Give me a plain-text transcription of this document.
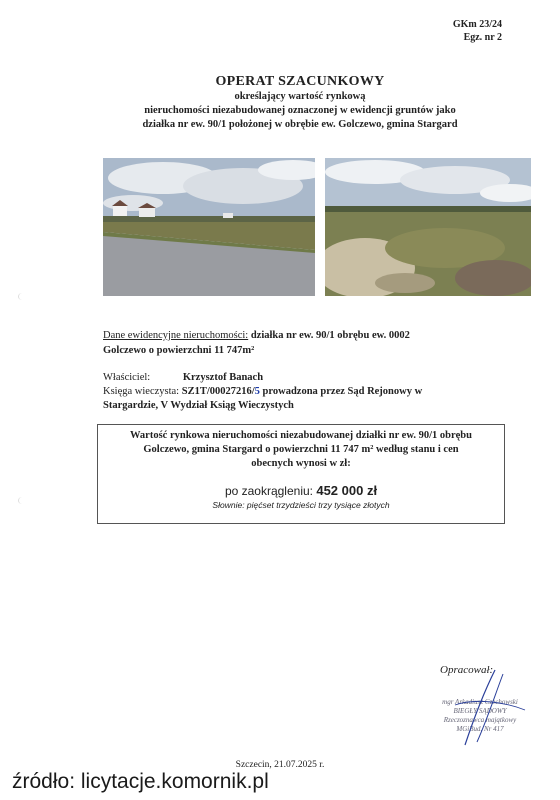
GKm 23/24
Egz. nr 2
OPERAT SZACUNKOWY
określający wartość rynkową
nieruchomości niezabudowanej oznaczonej w ewidencji gruntów jako
działka nr ew. 90/1 położonej w obrębie ew. Golczewo, gmina Stargard
Dane ewidencyjne nieruchomości: działka nr ew. 90/1 obrębu ew. 0002
Golczewo o powierzchni 11 747m²
Właściciel:	Krzysztof Banach
Księga wieczysta: SZ1T/00027216/5 prowadzona przez Sąd Rejonowy w
Stargardzie, V Wydział Ksiąg Wieczystych
Wartość rynkowa nieruchomości niezabudowanej działki nr ew. 90/1 obrębu
Golczewo, gmina Stargard o powierzchni 11 747 m² według stanu i cen
obecnych wynosi w zł:
po zaokrągleniu: 452 000 zł
Słownie: pięćset trzydzieści trzy tysiące złotych
Opracował:
mgr Arkadiusz Czechowski
BIEGŁY SĄDOWY
Rzeczoznawca majątkowy
MGiBud. Nr 417
Szczecin, 21.07.2025 r.
źródło: licytacje.komornik.pl
